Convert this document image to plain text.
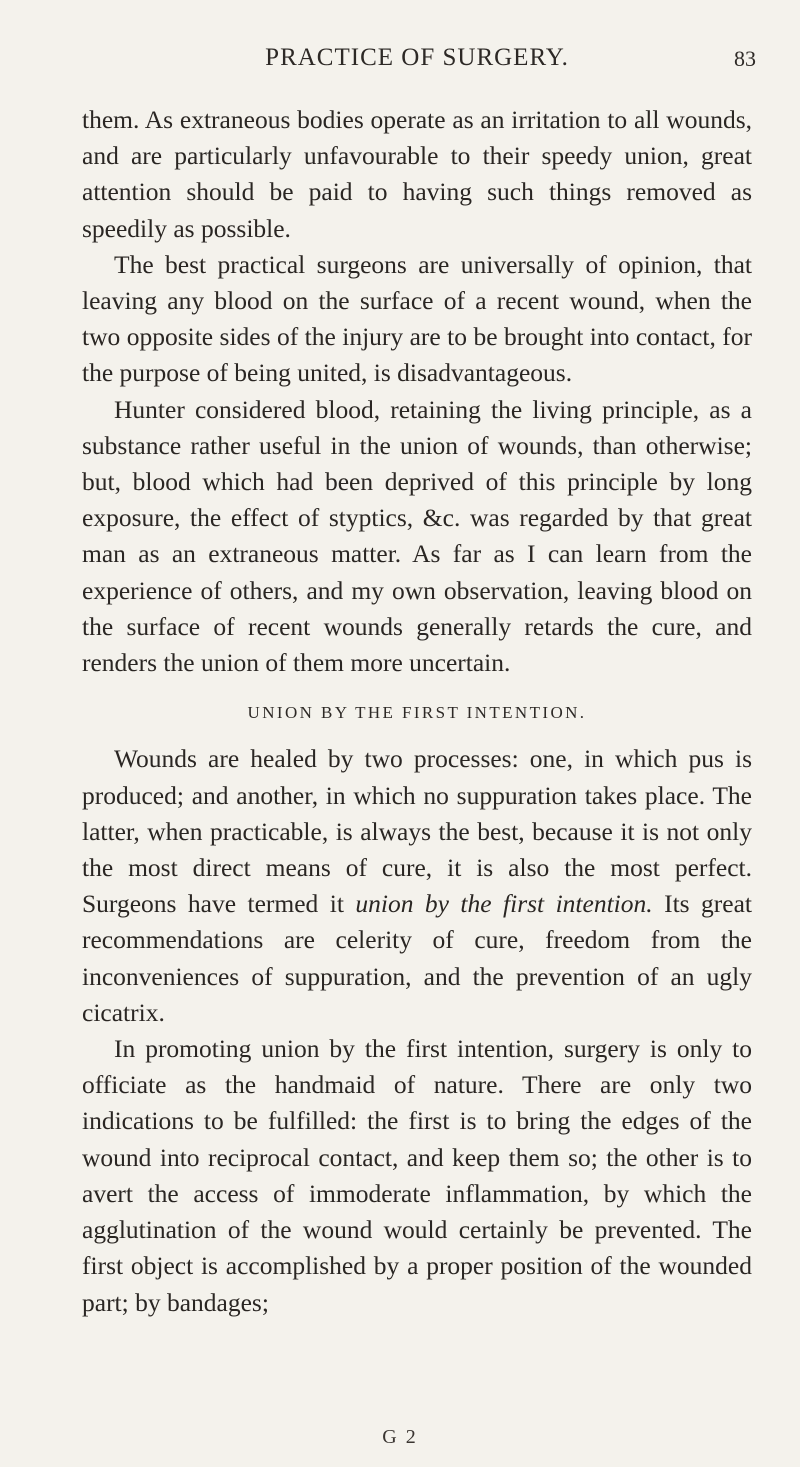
PRACTICE OF SURGERY.	83

them. As extraneous bodies operate as an irritation to all wounds, and are particularly unfavourable to their speedy union, great attention should be paid to having such things removed as speedily as possible.

The best practical surgeons are universally of opinion, that leaving any blood on the surface of a recent wound, when the two opposite sides of the injury are to be brought into contact, for the purpose of being united, is disadvantageous.

Hunter considered blood, retaining the living principle, as a substance rather useful in the union of wounds, than otherwise; but, blood which had been deprived of this principle by long exposure, the effect of styptics, &c. was regarded by that great man as an extraneous matter. As far as I can learn from the experience of others, and my own observation, leaving blood on the surface of recent wounds generally retards the cure, and renders the union of them more uncertain.

UNION BY THE FIRST INTENTION.

Wounds are healed by two processes: one, in which pus is produced; and another, in which no suppuration takes place. The latter, when practicable, is always the best, because it is not only the most direct means of cure, it is also the most perfect. Surgeons have termed it union by the first intention. Its great recommendations are celerity of cure, freedom from the inconveniences of suppuration, and the prevention of an ugly cicatrix.

In promoting union by the first intention, surgery is only to officiate as the handmaid of nature. There are only two indications to be fulfilled: the first is to bring the edges of the wound into reciprocal contact, and keep them so; the other is to avert the access of immoderate inflammation, by which the agglutination of the wound would certainly be prevented. The first object is accomplished by a proper position of the wounded part; by bandages;

G 2
